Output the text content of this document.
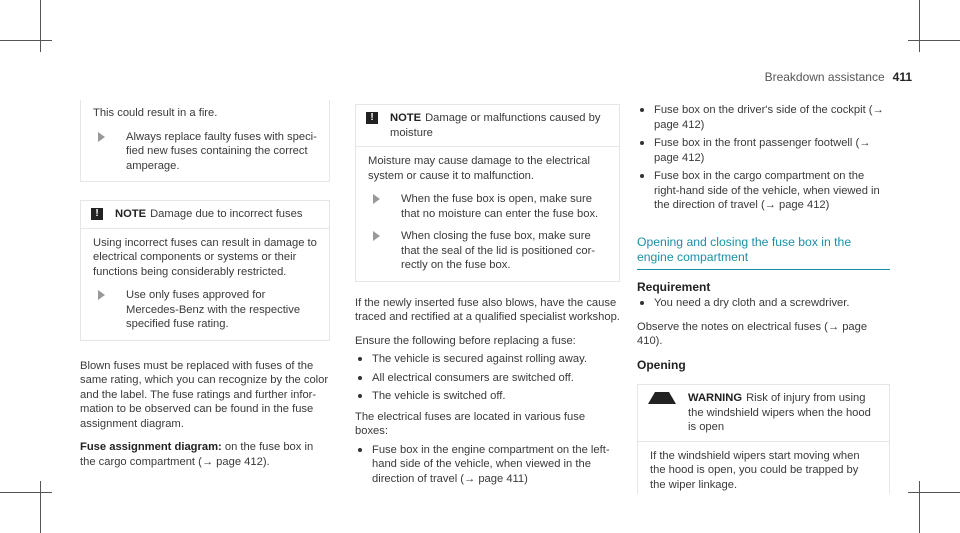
Breakdown assistance 411

This could result in a fire.

Always replace faulty fuses with speci-
fied new fuses containing the correct
amperage.
!	NOTE Damage due to incorrect fuses

Using incorrect fuses can result in damage to electrical components or systems or their functions being considerably restricted.

Use only fuses approved for Mercedes-Benz with the respective specified fuse rating.

Blown fuses must be replaced with fuses of the same rating, which you can recognize by the color and the label. The fuse ratings and further infor-mation to be observed can be found in the fuse assignment diagram.

Fuse assignment diagram: on the fuse box in the cargo compartment (→ page 412).

!	NOTE Damage or malfunctions caused by moisture

Moisture may cause damage to the electrical system or cause it to malfunction.

When the fuse box is open, make sure that no moisture can enter the fuse box.
When closing the fuse box, make sure that the seal of the lid is positioned cor-rectly on the fuse box.

If the newly inserted fuse also blows, have the cause traced and rectified at a qualified specialist workshop.

Ensure the following before replacing a fuse:

The vehicle is secured against rolling away.
All electrical consumers are switched off.
The vehicle is switched off.

The electrical fuses are located in various fuse boxes:

Fuse box in the engine compartment on the left-hand side of the vehicle, when viewed in the direction of travel (→ page 411)
Fuse box on the driver's side of the cockpit (→ page 412)
Fuse box in the front passenger footwell (→ page 412)
Fuse box in the cargo compartment on the right-hand side of the vehicle, when viewed in the direction of travel (→ page 412)
Opening and closing the fuse box in the engine compartment
Requirement
You need a dry cloth and a screwdriver.

Observe the notes on electrical fuses (→ page 410).

Opening
WARNING Risk of injury from using the windshield wipers when the hood is open

If the windshield wipers start moving when the hood is open, you could be trapped by the wiper linkage.
